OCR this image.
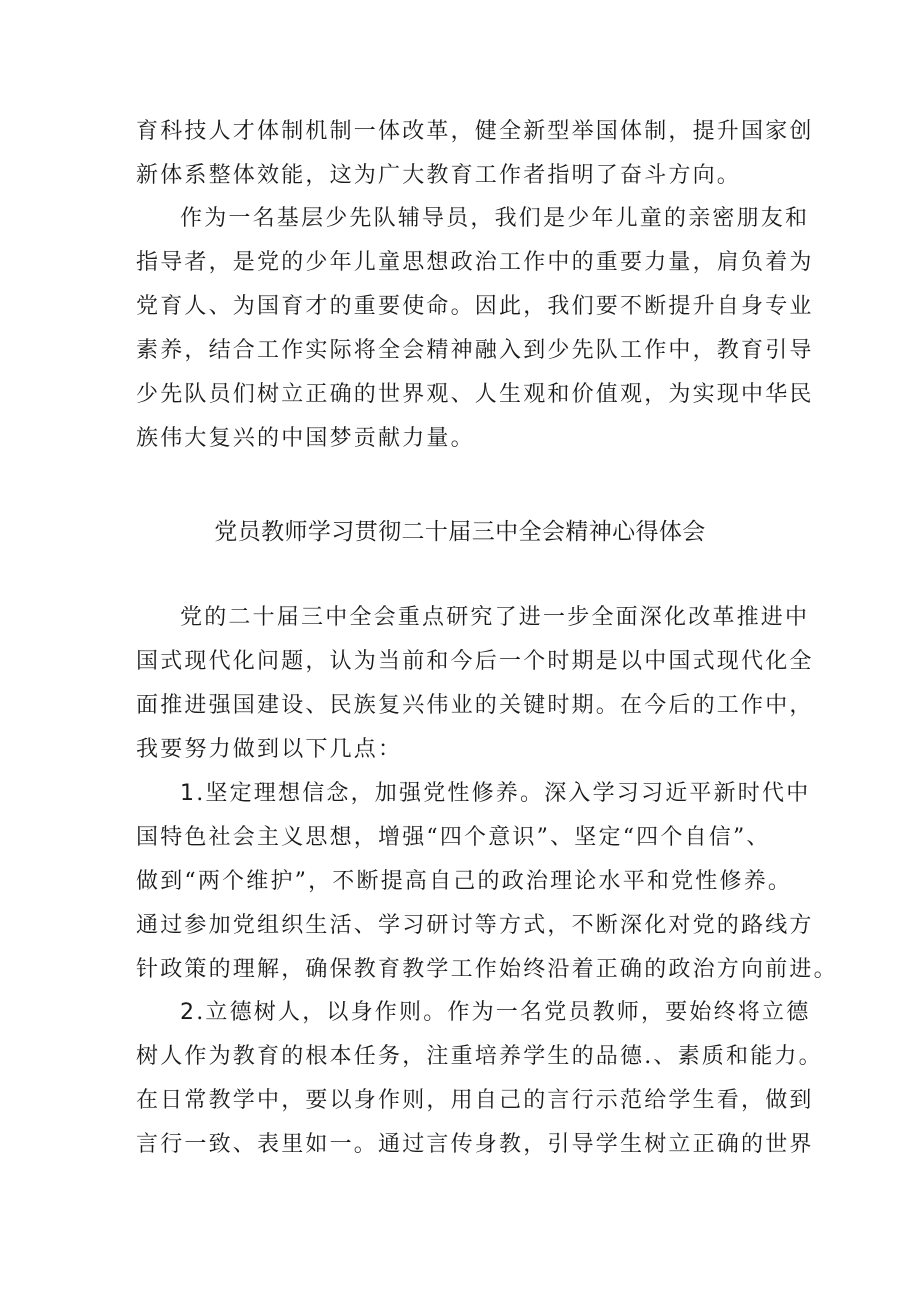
育科技人才体制机制一体改革，健全新型举国体制，提升国家创
新体系整体效能，这为广大教育工作者指明了奋斗方向。
作为一名基层少先队辅导员，我们是少年儿童的亲密朋友和
指导者，是党的少年儿童思想政治工作中的重要力量，肩负着为
党育人、为国育才的重要使命。因此，我们要不断提升自身专业
素养，结合工作实际将全会精神融入到少先队工作中，教育引导
少先队员们树立正确的世界观、人生观和价值观，为实现中华民
族伟大复兴的中国梦贡献力量。
党员教师学习贯彻二十届三中全会精神心得体会
党的二十届三中全会重点研究了进一步全面深化改革推进中
国式现代化问题，认为当前和今后一个时期是以中国式现代化全
面推进强国建设、民族复兴伟业的关键时期。在今后的工作中，
我要努力做到以下几点：
1.坚定理想信念，加强党性修养。深入学习习近平新时代中
国特色社会主义思想，增强“四个意识”、坚定“四个自信”、
做到“两个维护”，不断提高自己的政治理论水平和党性修养。
通过参加党组织生活、学习研讨等方式，不断深化对党的路线方
针政策的理解，确保教育教学工作始终沿着正确的政治方向前进。
2.立德树人，以身作则。作为一名党员教师，要始终将立德
树人作为教育的根本任务，注重培养学生的品德.、素质和能力。
在日常教学中，要以身作则，用自己的言行示范给学生看，做到
言行一致、表里如一。通过言传身教，引导学生树立正确的世界
